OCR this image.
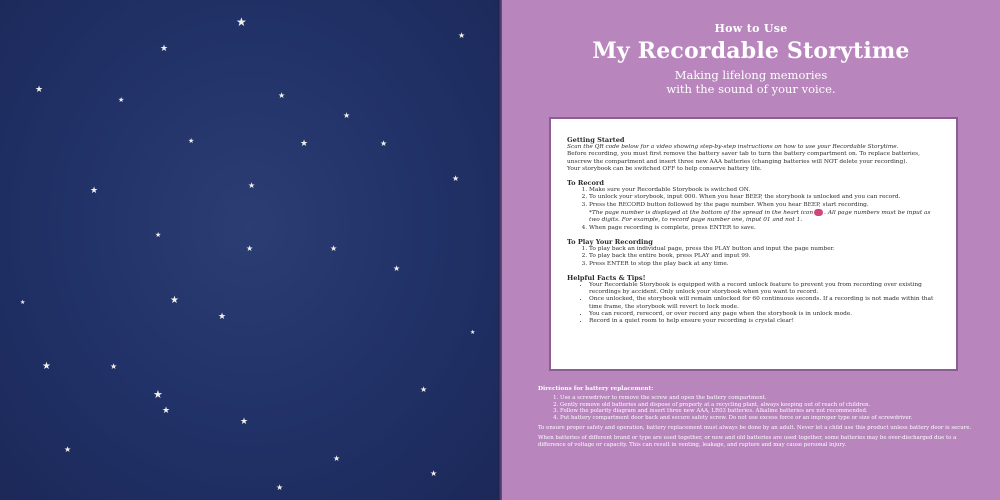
★
★
★
★
★	★
★
★	★	★
★
★
★
★
★	★
★
★
★
★	★
★
★
★
★
★
★
★
★
★
★
How to Use
My Recordable Storytime
Making lifelong memories
with the sound of your voice.
Getting Started

Scan the QR code below for a video showing step-by-step instructions on how to use your Recordable Storytime.

Before recording, you must first remove the battery saver tab to turn the battery compartment on. To replace batteries, unscrew the compartment and insert three new AAA batteries (changing batteries will NOT delete your recording).

Your storybook can be switched OFF to help conserve battery life.

To Record
1. Make sure your Recordable Storybook is switched ON.
2. To unlock your storybook, input 000. When you hear BEEP, the storybook is unlocked and you can record.
3. Press the RECORD button followed by the page number. When you hear BEEP, start recording.
*The page number is displayed at the bottom of the spread in the heart icon . All page numbers must be input as two digits. For example, to record page number one, input 01 and not 1.
4. When page recording is complete, press ENTER to save.
To Play Your Recording
1. To play back an individual page, press the PLAY button and input the page number.
2. To play back the entire book, press PLAY and input 99.
3. Press ENTER to stop the play back at any time.
Helpful Facts & Tips!
• Your Recordable Storybook is equipped with a record unlock feature to prevent you from recording over existing recordings by accident. Only unlock your storybook when you want to record.
• Once unlocked, the storybook will remain unlocked for 60 continuous seconds. If a recording is not made within that time frame, the storybook will revert to lock mode.
• You can record, rerecord, or over record any page when the storybook is in unlock mode.
• Record in a quiet room to help ensure your recording is crystal clear!
Directions for battery replacement:
1. Use a screwdriver to remove the screw and open the battery compartment.
2. Gently remove old batteries and dispose of properly at a recycling plant, always keeping out of reach of children.
3. Follow the polarity diagram and insert three new AAA, LR03 batteries. Alkaline batteries are not recommended.
4. Put battery compartment door back and secure safety screw. Do not use excess force or an improper type or size of screwdriver.

To ensure proper safety and operation, battery replacement must always be done by an adult. Never let a child use this product unless battery door is secure.

When batteries of different brand or type are used together, or new and old batteries are used together, some batteries may be over-discharged due to a difference of voltage or capacity. This can result in venting, leakage, and rupture and may cause personal injury.
